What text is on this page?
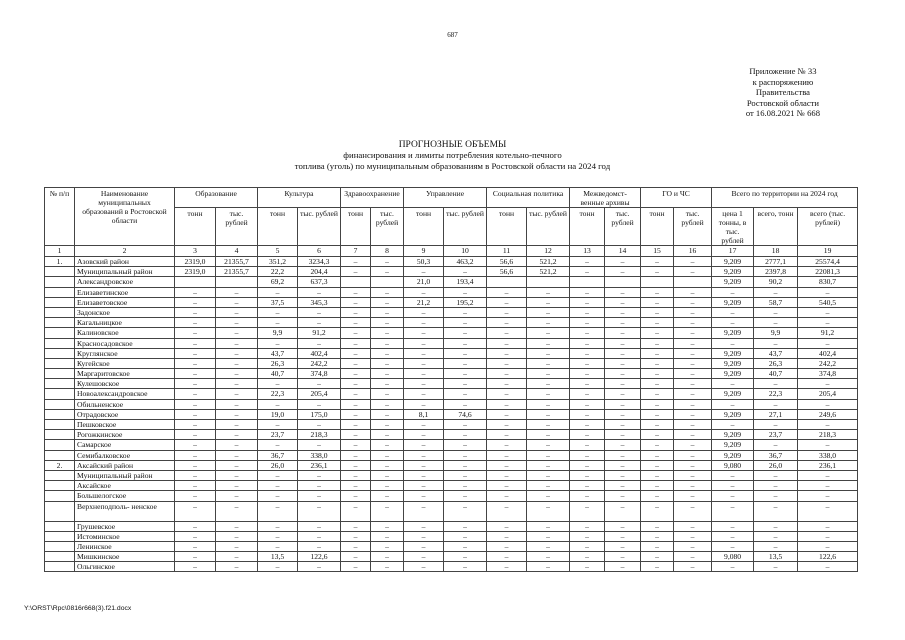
687
Приложение № 33
к распоряжению
Правительства
Ростовской области
от 16.08.2021 № 668
ПРОГНОЗНЫЕ ОБЪЕМЫ
финансирования и лимиты потребления котельно-печного
топлива (уголь) по муниципальным образованиям в Ростовской области на 2024 год
№ п/п	Наименование муниципальных образований в Ростовской области	Образование		Культура		Здравоохранение		Управление		Социальная политика		Межведомст- венные архивы		ГО и ЧС		Всего по территории на 2024 год		
		тонн	тыс. рублей	тонн	тыс. рублей	тонн	тыс. рублей	тонн	тыс. рублей	тонн	тыс. рублей	тонн	тыс. рублей	тонн	тыс. рублей	цена 1 тонны, в тыс. рублей	всего, тонн	всего (тыс. рублей)
1	2	3	4	5	6	7	8	9	10	11	12	13	14	15	16	17	18	19
1.	Азовский район	2319,0	21355,7	351,2	3234,3	–	–	50,3	463,2	56,6	521,2	–	–	–	–	9,209	2777,1	25574,4
	Муниципальный район	2319,0	21355,7	22,2	204,4	–	–	–	–	56,6	521,2	–	–	–	–	9,209	2397,8	22081,3
	Александровское			69,2	637,3			21,0	193,4							9,209	90,2	830,7
	Елизаветинское	–	–	–	–	–	–	–	–	–	–	–	–	–	–	–	–	–
	Елизаветовское	–	–	37,5	345,3	–	–	21,2	195,2	–	–	–	–	–	–	9,209	58,7	540,5
	Задонское	–	–	–	–	–	–	–	–	–	–	–	–	–	–	–	–	–
	Кагальницкое	–	–	–	–	–	–	–	–	–	–	–	–	–	–	–	–	–
	Калиновское	–	–	9,9	91,2	–	–	–	–	–	–	–	–	–	–	9,209	9,9	91,2
	Красносадовское	–	–	–	–	–	–	–	–	–	–	–	–	–	–	–	–	–
	Круглянское	–	–	43,7	402,4	–	–	–	–	–	–	–	–	–	–	9,209	43,7	402,4
	Кугейское	–	–	26,3	242,2	–	–	–	–	–	–	–	–	–	–	9,209	26,3	242,2
	Маргаритовское	–	–	40,7	374,8	–	–	–	–	–	–	–	–	–	–	9,209	40,7	374,8
	Кулешовское	–	–	–	–	–	–	–	–	–	–	–	–	–	–	–	–	–
	Новоалександровское	–	–	22,3	205,4	–	–	–	–	–	–	–	–	–	–	9,209	22,3	205,4
	Обильненское	–	–	–	–	–	–	–	–	–	–	–	–	–	–	–	–	–
	Отрадовское	–	–	19,0	175,0	–	–	8,1	74,6	–	–	–	–	–	–	9,209	27,1	249,6
	Пешковское	–	–	–	–	–	–	–	–	–	–	–	–	–	–	–	–	–
	Рогожкинское	–	–	23,7	218,3	–	–	–	–	–	–	–	–	–	–	9,209	23,7	218,3
	Самарское	–	–	–	–	–	–	–	–	–	–	–	–	–	–	9,209	–	–
	Семибалковское	–	–	36,7	338,0	–	–	–	–	–	–	–	–	–	–	9,209	36,7	338,0
2.	Аксайский район	–	–	26,0	236,1	–	–	–	–	–	–	–	–	–	–	9,080	26,0	236,1
	Муниципальный район	–	–	–	–	–	–	–	–	–	–	–	–	–	–	–	–	–
	Аксайское	–	–	–	–	–	–	–	–	–	–	–	–	–	–	–	–	–
	Большелогское	–	–	–	–	–	–	–	–	–	–	–	–	–	–	–	–	–
	Верхнеподполь- ненское	–	–	–	–	–	–	–	–	–	–	–	–	–	–	–	–	–
	Грушевское	–	–	–	–	–	–	–	–	–	–	–	–	–	–	–	–	–
	Истоминское	–	–	–	–	–	–	–	–	–	–	–	–	–	–	–	–	–
	Ленинское	–	–	–	–	–	–	–	–	–	–	–	–	–	–	–	–	–
	Мишкинское	–	–	13,5	122,6	–	–	–	–	–	–	–	–	–	–	9,080	13,5	122,6
	Ольгинское	–	–	–	–	–	–	–	–	–	–	–	–	–	–	–	–	–
Y:\ORST\Rpc\0816r668(3).f21.docx
